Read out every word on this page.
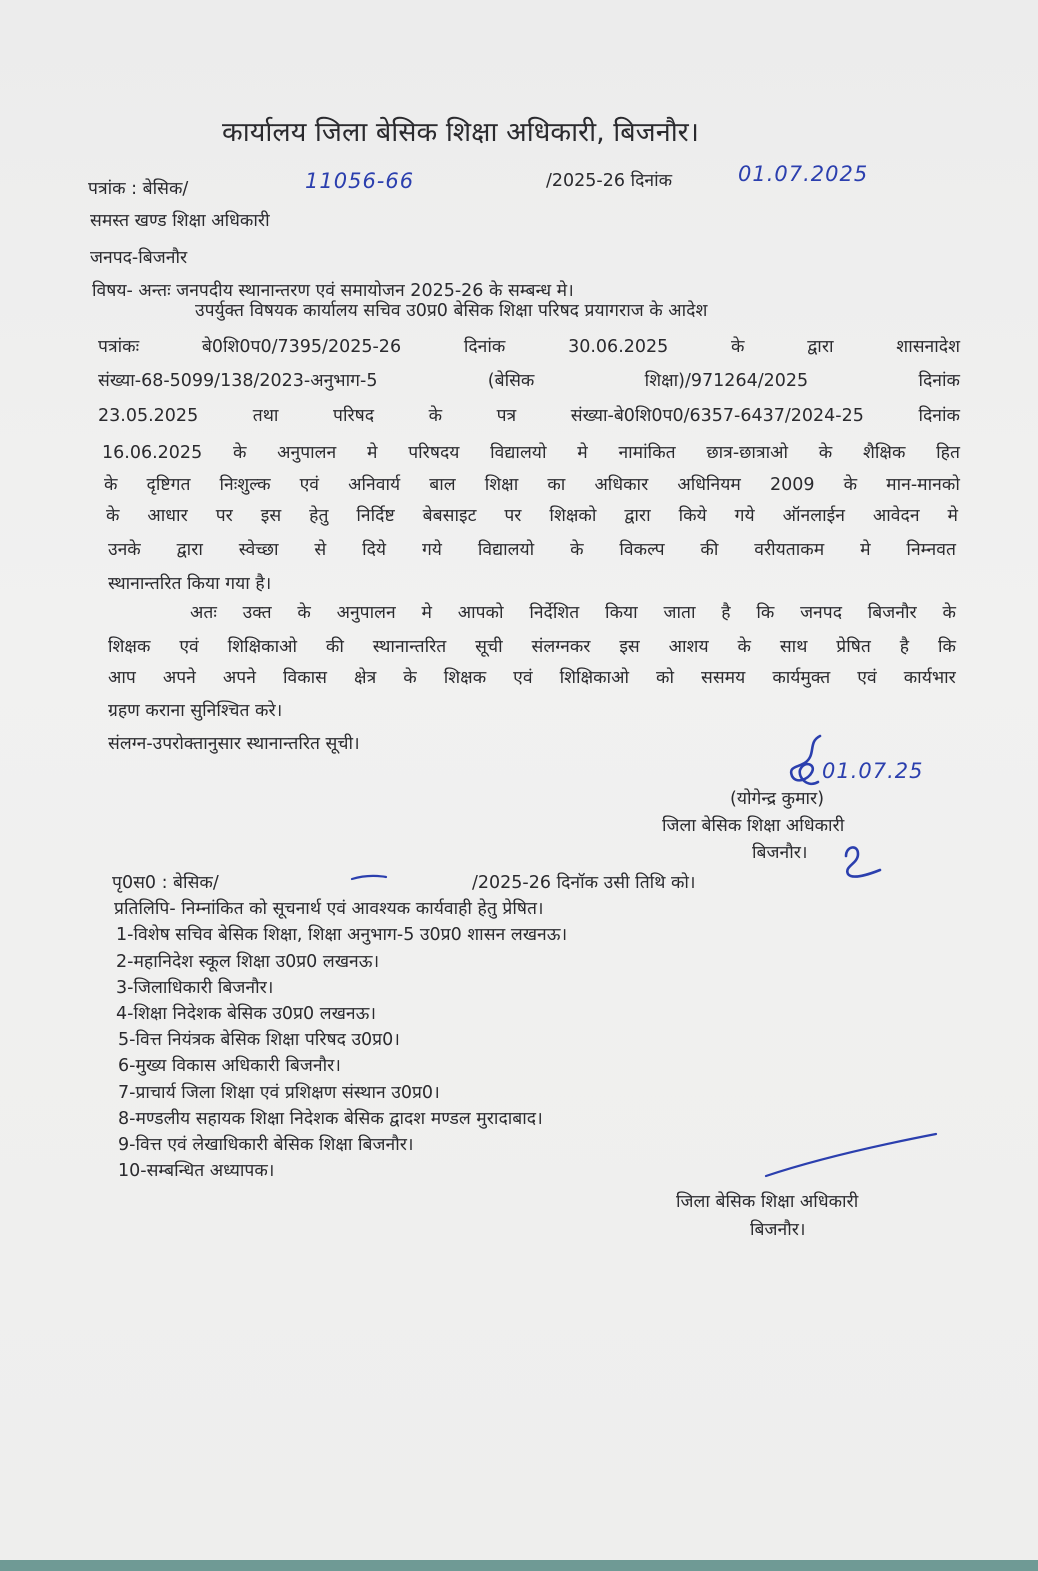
कार्यालय जिला बेसिक शिक्षा अधिकारी, बिजनौर।
पत्रांक : बेसिक/	11056-66	/2025-26 दिनांक	01.07.2025
समस्त खण्ड शिक्षा अधिकारी
जनपद-बिजनौर
विषय- अन्तः जनपदीय स्थानान्तरण एवं समायोजन 2025-26 के सम्बन्ध मे।
उपर्युक्त विषयक कार्यालय सचिव उ0प्र0 बेसिक शिक्षा परिषद प्रयागराज के आदेश
पत्रांकः	बे0शि0प0/7395/2025-26	दिनांक	30.06.2025	के	द्वारा	शासनादेश
संख्या-68-5099/138/2023-अनुभाग-5	(बेसिक	शिक्षा)/971264/2025	दिनांक
23.05.2025	तथा	परिषद	के	पत्र	संख्या-बे0शि0प0/6357-6437/2024-25	दिनांक
16.06.2025 के अनुपालन मे परिषदय विद्यालयो मे नामांकित छात्र-छात्राओ के शैक्षिक हित
के दृष्टिगत निःशुल्क एवं अनिवार्य बाल शिक्षा का अधिकार अधिनियम 2009 के मान-मानको
के आधार पर इस हेतु निर्दिष्ट बेबसाइट पर शिक्षको द्वारा किये गये ऑनलाईन आवेदन मे
उनके द्वारा स्वेच्छा से दिये गये विद्यालयो के विकल्प की वरीयताकम मे निम्नवत
स्थानान्तरित किया गया है।
अतः उक्त के अनुपालन मे आपको निर्देशित किया जाता है कि जनपद बिजनौर के
शिक्षक एवं शिक्षिकाओ की स्थानान्तरित सूची संलग्नकर इस आशय के साथ प्रेषित है कि
आप अपने अपने विकास क्षेत्र के शिक्षक एवं शिक्षिकाओ को ससमय कार्यमुक्त एवं कार्यभार
ग्रहण कराना सुनिश्चित करे।
संलग्न-उपरोक्तानुसार स्थानान्तरित सूची।
01.07.25
(योगेन्द्र कुमार)
जिला बेसिक शिक्षा अधिकारी
बिजनौर।
पृ0स0 : बेसिक/	/2025-26 दिनॉक उसी तिथि को।
प्रतिलिपि- निम्नांकित को सूचनार्थ एवं आवश्यक कार्यवाही हेतु प्रेषित।
1-विशेष सचिव बेसिक शिक्षा, शिक्षा अनुभाग-5 उ0प्र0 शासन लखनऊ।
2-महानिदेश स्कूल शिक्षा उ0प्र0 लखनऊ।
3-जिलाधिकारी बिजनौर।
4-शिक्षा निदेशक बेसिक उ0प्र0 लखनऊ।
5-वित्त नियंत्रक बेसिक शिक्षा परिषद उ0प्र0।
6-मुख्य विकास अधिकारी बिजनौर।
7-प्राचार्य जिला शिक्षा एवं प्रशिक्षण संस्थान उ0प्र0।
8-मण्डलीय सहायक शिक्षा निदेशक बेसिक द्वादश मण्डल मुरादाबाद।
9-वित्त एवं लेखाधिकारी बेसिक शिक्षा बिजनौर।
10-सम्बन्धित अध्यापक।
जिला बेसिक शिक्षा अधिकारी
बिजनौर।
